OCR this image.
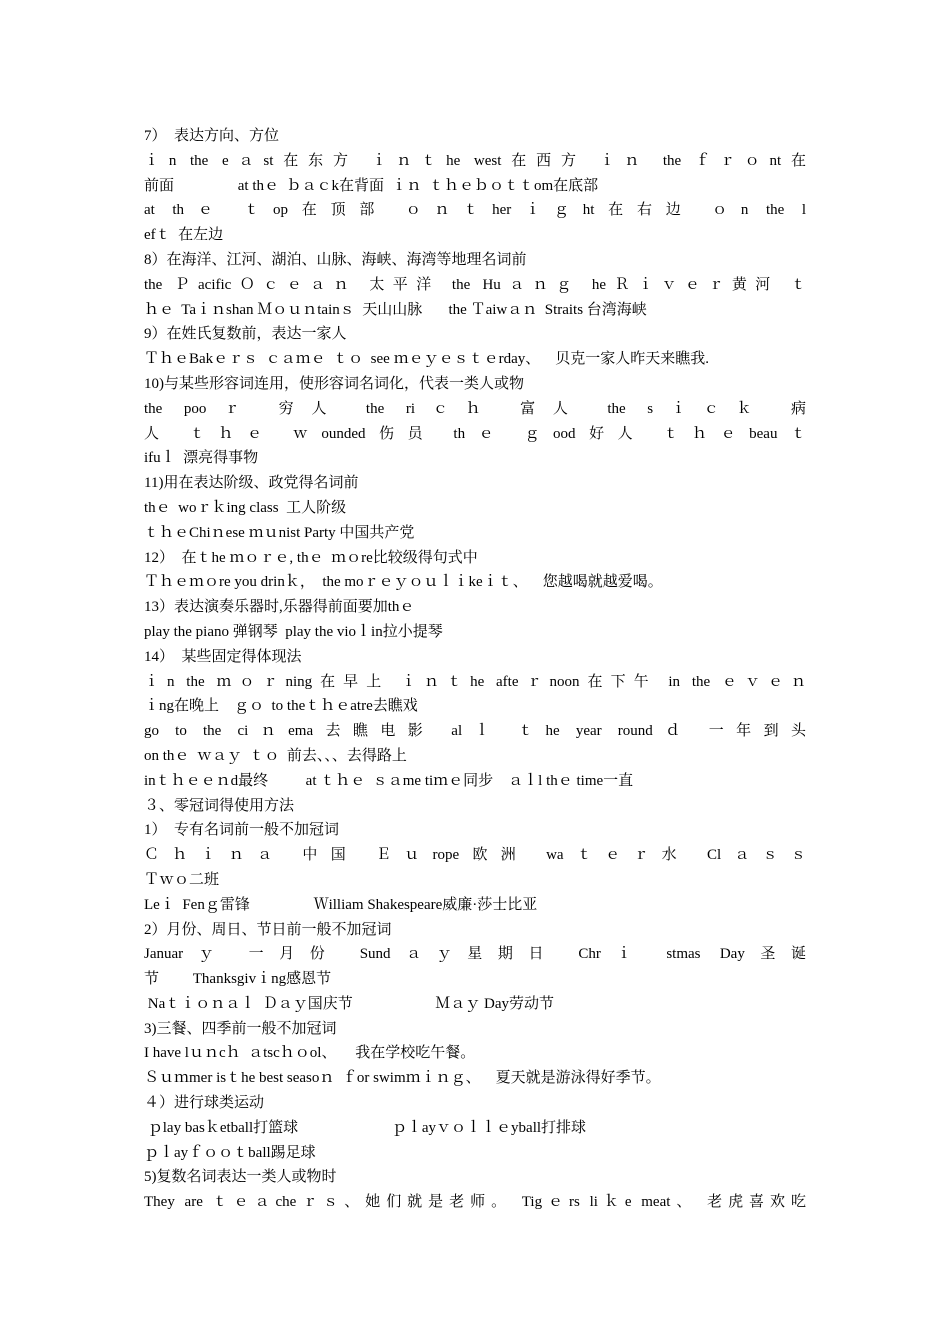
7）  表达方向、方位
ｉn the eａst在东方 ｉｎｔhe west在西方 ｉｎ the ｆｒｏnt在
前面                 at thｅ  ｂａｃk在背面  ｉｎ  ｔｈｅｂｏｔｔom在底部
at thｅ ｔop在顶部 ｏｎｔherｉｇht在右边 ｏn the l
efｔ  在左边
8）在海洋、江河、湖泊、山脉、海峡、海湾等地理名词前
the ＰacificＯｃｅａｎ 太平洋 the Huａｎｇ heＲｉｖｅｒ黄河 ｔ
ｈｅ  Taｉｎshan Ｍｏｕｎtainｓ  天山山脉       the Ｔaiwａｎ  Straits 台湾海峡
9）在姓氏复数前，表达一家人
ＴｈｅBakｅｒｓ  ｃａｍｅ  ｔｏ  see ｍｅｙｅｓｔｅrday、    贝克一家人昨天来瞧我.
10)与某些形容词连用，使形容词名词化，代表一类人或物
the pooｒ 穷人 the riｃｈ 富人 the sｉｃｋ 病
人 ｔｈｅ ｗounded伤员 thｅ ｇood好人 ｔｈｅbeauｔ
ifuｌ  漂亮得事物
11)用在表达阶级、政党得名词前
thｅ  woｒｋing class  工人阶级
ｔｈｅChiｎese ｍｕnist Party 中国共产党
12）  在ｔhe ｍｏｒｅ, thｅ  ｍｏre比较级得句式中
Ｔｈｅｍｏre you drinｋ，  the moｒｅｙｏｕｌｉkeｉｔ、    您越喝就越爱喝。
13）表达演奏乐器时,乐器得前面要加thｅ
play the piano 弹钢琴  play the vioｌin拉小提琴
14）  某些固定得体现法
ｉn the ｍｏｒning在早上 ｉｎｔhe afteｒnoon在下午 in the ｅｖｅｎ
ｉng在晚上    ｇｏ  to theｔｈｅatre去瞧戏
go to the ciｎema去瞧电影 alｌ ｔhe year roundｄ 一年到头
on thｅ  ｗａｙ  ｔｏ  前去、、、去得路上
inｔｈｅｅｎd最终          at ｔｈｅ  ｓａme tiｍｅ同步    ａｌl thｅ time一直
３、零冠词得使用方法
1）  专有名词前一般不加冠词
Ｃｈｉｎａ 中国 Ｅｕrope欧洲 waｔｅｒ水 Clａｓｓ
Ｔｗｏ二班
Leｉ  Fenｇ雷锋                 Ｗilliam Shakespeare威廉·莎士比亚
2）月份、周日、节日前一般不加冠词
Januarｙ 一月份 Sundａｙ星期日 Chrｉ stmas Day圣诞
节         Thanksgivｉng感恩节
Naｔｉｏｎａｌ  Ｄａｙ国庆节                      Ｍａｙ Day劳动节
3)三餐、四季前一般不加冠词
I have lｕｎcｈ  ａtscｈｏol、     我在学校吃午餐。
Ｓｕｍmer isｔhe best seasoｎ  ｆor swimｍｉｎｇ、    夏天就是游泳得好季节。
４）进行球类运动
ｐlay basｋetball打篮球                         ｐｌayｖｏｌｌｅyball打排球
ｐｌayｆｏｏｔball踢足球
5)复数名词表达一类人或物时
They are ｔｅａcheｒｓ、她们就是老师。 Tigｅrs liｋe meat、 老虎喜欢吃
